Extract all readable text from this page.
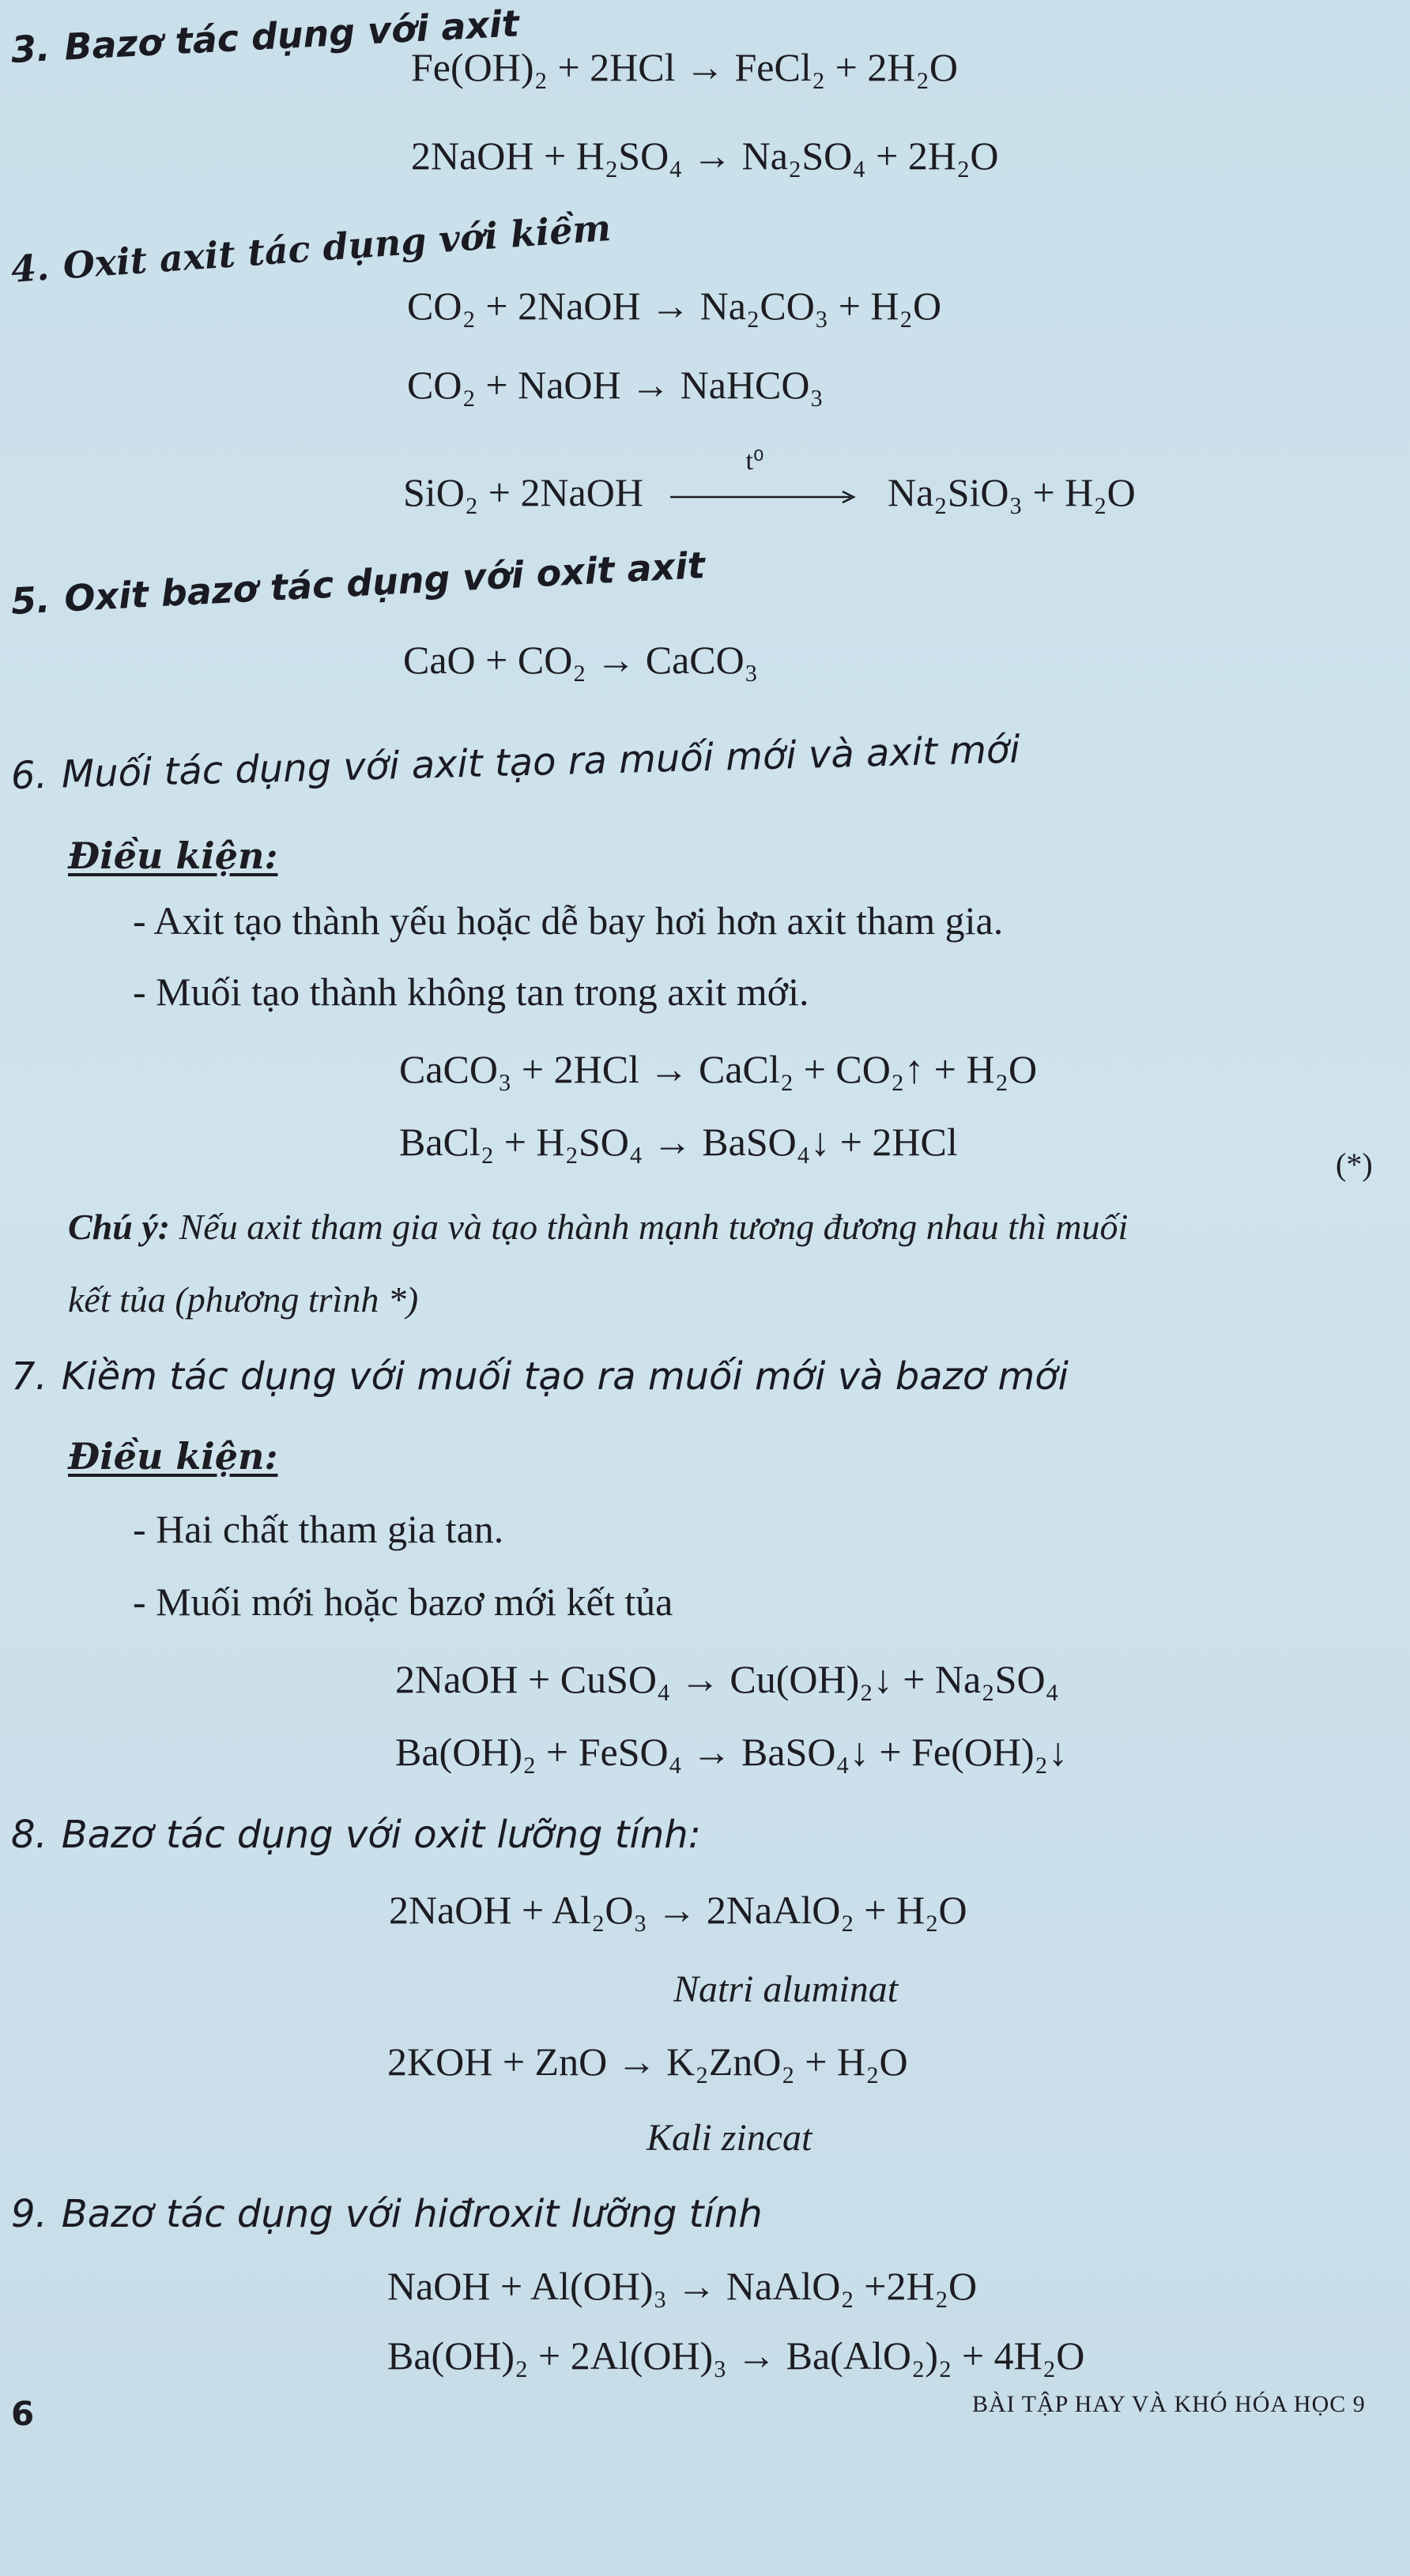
3. Bazơ tác dụng với axit
Fe(OH)₂ + 2HCl → FeCl₂ + 2H₂O
2NaOH + H₂SO₄ → Na₂SO₄ + 2H₂O
4. Oxit axit tác dụng với kiềm
CO₂ + 2NaOH → Na₂CO₃ + H₂O
CO₂ + NaOH → NaHCO₃
SiO₂ + 2NaOH
t⁰
Na₂SiO₃ + H₂O
5. Oxit bazơ tác dụng với oxit axit
CaO + CO₂ → CaCO₃
6. Muối tác dụng với axit tạo ra muối mới và axit mới
Điều kiện:
- Axit tạo thành yếu hoặc dễ bay hơi hơn axit tham gia.
- Muối tạo thành không tan trong axit mới.
CaCO₃ + 2HCl → CaCl₂ + CO₂↑ + H₂O
BaCl₂ + H₂SO₄ → BaSO₄↓ + 2HCl
(*)
Chú ý: Nếu axit tham gia và tạo thành mạnh tương đương nhau thì muối
kết tủa (phương trình *)
7. Kiềm tác dụng với muối tạo ra muối mới và bazơ mới
Điều kiện:
- Hai chất tham gia tan.
- Muối mới hoặc bazơ mới kết tủa
2NaOH + CuSO₄ → Cu(OH)₂↓ + Na₂SO₄
Ba(OH)₂ + FeSO₄ → BaSO₄↓ + Fe(OH)₂↓
8. Bazơ tác dụng với oxit lưỡng tính:
2NaOH + Al₂O₃ → 2NaAlO₂ + H₂O
Natri aluminat
2KOH + ZnO → K₂ZnO₂ + H₂O
Kali zincat
9. Bazơ tác dụng với hiđroxit lưỡng tính
NaOH + Al(OH)₃ → NaAlO₂ +2H₂O
Ba(OH)₂ + 2Al(OH)₃ → Ba(AlO₂)₂ + 4H₂O
6	BÀI TẬP HAY VÀ KHÓ HÓA HỌC 9
